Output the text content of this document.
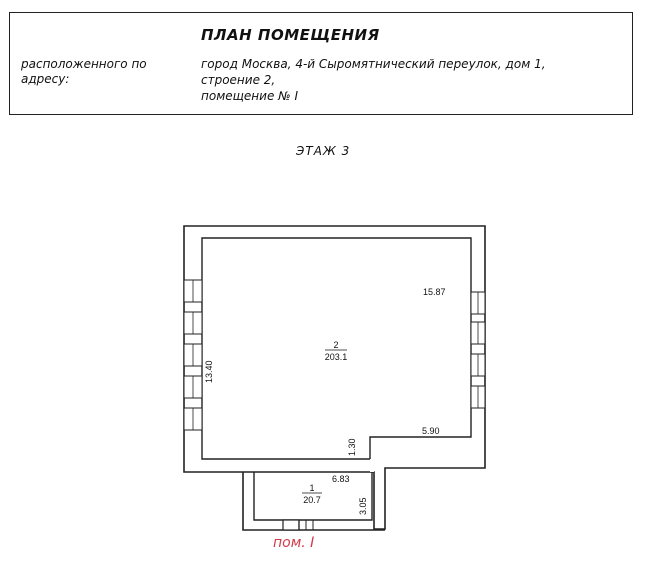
ПЛАН ПОМЕЩЕНИЯ
расположенного по
адресу:
город Москва, 4-й Сыромятнический переулок, дом 1,
строение 2,
помещение № I
ЭТАЖ 3
2
203.1
1
20.7
15.87
13.40
1.30
5.90
6.83
3.05
пом. I
